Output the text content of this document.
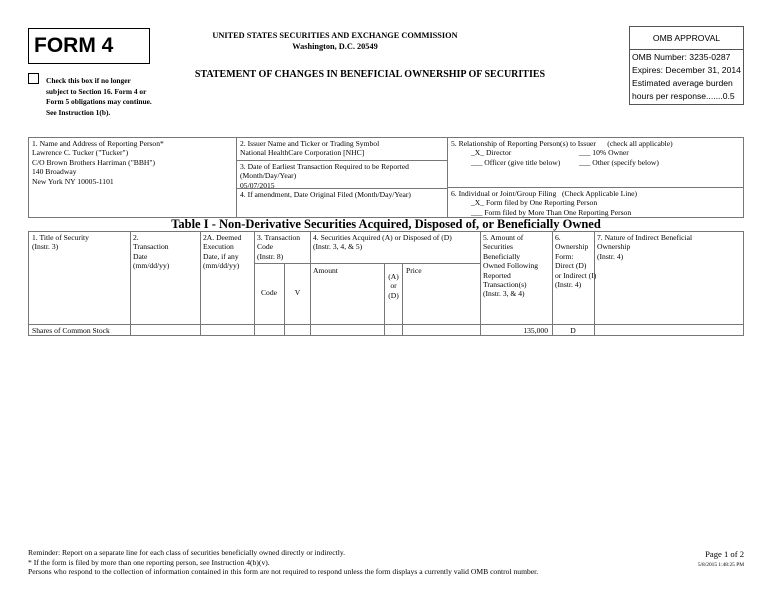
FORM 4
Check this box if no longer
subject to Section 16. Form 4 or
Form 5 obligations may continue.
See Instruction 1(b).
UNITED STATES SECURITIES AND EXCHANGE COMMISSION
Washington, D.C. 20549
STATEMENT OF CHANGES IN BENEFICIAL OWNERSHIP OF SECURITIES
OMB APPROVAL
OMB Number: 3235-0287
Expires: December 31, 2014
Estimated average burden
hours per response.......0.5
1. Name and Address of Reporting Person*
Lawrence C. Tucker ("Tucker")
C/O Brown Brothers Harriman ("BBH")
140 Broadway
New York NY 10005-1101
2. Issuer Name and Ticker or Trading Symbol
National HealthCare Corporation [NHC]
3. Date of Earliest Transaction Required to be Reported
(Month/Day/Year)
05/07/2015
4. If amendment, Date Original Filed (Month/Day/Year)
5. Relationship of Reporting Person(s) to Issuer      (check all applicable)
_X_ Director	___ 10% Owner
___ Officer (give title below) ___ Other (specify below)
6. Individual or Joint/Group Filing   (Check Applicable Line)
_X_ Form filed by One Reporting Person
___ Form filed by More Than One Reporting Person
Table I - Non-Derivative Securities Acquired, Disposed of, or Beneficially Owned
1. Title of Security
(Instr. 3)
2.
Transaction
Date
(mm/dd/yy)
2A. Deemed
Execution
Date, if any
(mm/dd/yy)
3. Transaction
Code
(Instr. 8)
Code	V
4. Securities Acquired (A) or Disposed of (D)
(Instr. 3, 4, & 5)
Amount
(A)
or
(D)
Price
5. Amount of
Securities
Beneficially
Owned Following
Reported
Transaction(s)
(Instr. 3, & 4)
6.
Ownership
Form:
Direct (D)
or Indirect (I)
(Instr. 4)
7. Nature of Indirect Beneficial
Ownership
(Instr. 4)
Shares of Common Stock	135,000	D
Reminder: Report on a separate line for each class of securities beneficially owned directly or indirectly.
* If the form is filed by more than one reporting person, see Instruction 4(b)(v).
Persons who respond to the collection of information contained in this form are not required to respond unless the form displays a currently valid OMB control number.
Page 1 of 2
5/8/2015 1:48:25 PM
